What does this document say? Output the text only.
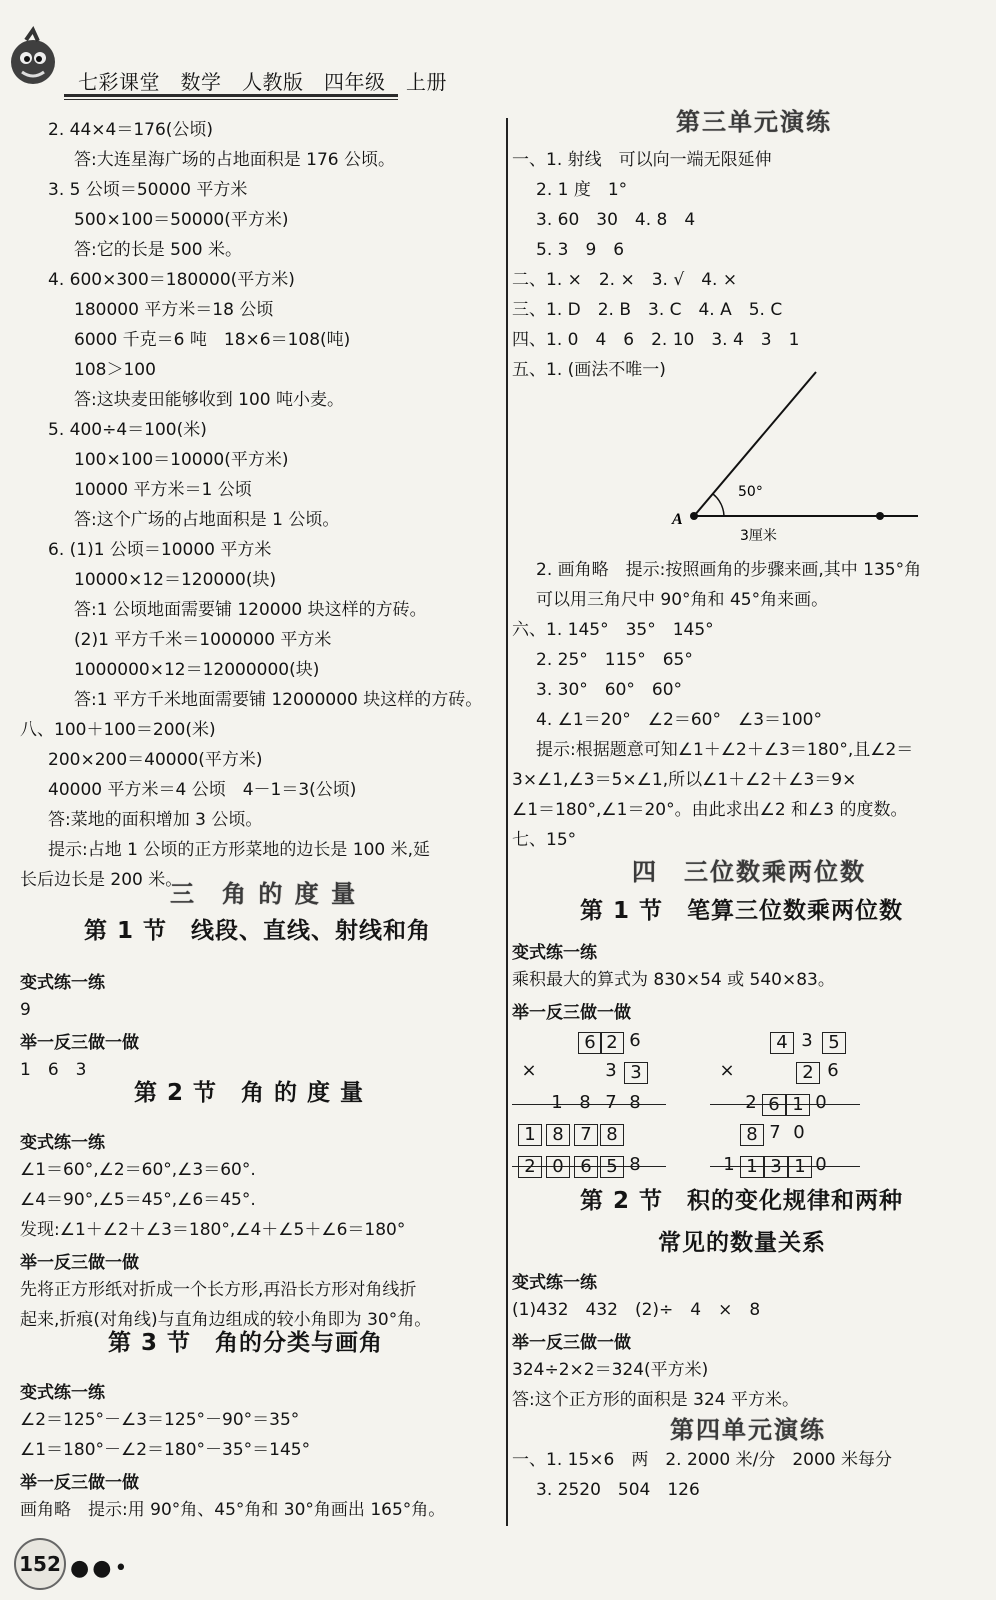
七彩课堂　数学　人教版　四年级　上册
2. 44×4＝176(公顷)
答:大连星海广场的占地面积是 176 公顷。
3. 5 公顷＝50000 平方米
500×100＝50000(平方米)
答:它的长是 500 米。
4. 600×300＝180000(平方米)
180000 平方米＝18 公顷
6000 千克＝6 吨　18×6＝108(吨)
108＞100
答:这块麦田能够收到 100 吨小麦。
5. 400÷4＝100(米)
100×100＝10000(平方米)
10000 平方米＝1 公顷
答:这个广场的占地面积是 1 公顷。
6. (1)1 公顷＝10000 平方米
10000×12＝120000(块)
答:1 公顷地面需要铺 120000 块这样的方砖。
(2)1 平方千米＝1000000 平方米
1000000×12＝12000000(块)
答:1 平方千米地面需要铺 12000000 块这样的方砖。
八、100＋100＝200(米)
200×200＝40000(平方米)
40000 平方米＝4 公顷　4－1＝3(公顷)
答:菜地的面积增加 3 公顷。
提示:占地 1 公顷的正方形菜地的边长是 100 米,延
长后边长是 200 米。
9
1　6　3
∠1＝60°,∠2＝60°,∠3＝60°.
∠4＝90°,∠5＝45°,∠6＝45°.
发现:∠1＋∠2＋∠3＝180°,∠4＋∠5＋∠6＝180°
先将正方形纸对折成一个长方形,再沿长方形对角线折
起来,折痕(对角线)与直角边组成的较小角即为 30°角。
∠2＝125°－∠3＝125°－90°＝35°
∠1＝180°－∠2＝180°－35°＝145°
画角略　提示:用 90°角、45°角和 30°角画出 165°角。
变式练一练
举一反三做一做
变式练一练
举一反三做一做
变式练一练
举一反三做一做
三　角 的 度 量
第 1 节　线段、直线、射线和角
第 2 节　角 的 度 量
第 3 节　角的分类与画角
一、1. 射线　可以向一端无限延伸
2. 1 度　1°
3. 60　30　4. 8　4
5. 3　9　6
二、1. ×　2. ×　3. √　4. ×
三、1. D　2. B　3. C　4. A　5. C
四、1. 0　4　6　2. 10　3. 4　3　1
五、1. (画法不唯一)
2. 画角略　提示:按照画角的步骤来画,其中 135°角
可以用三角尺中 90°角和 45°角来画。
六、1. 145°　35°　145°
2. 25°　115°　65°
3. 30°　60°　60°
4. ∠1＝20°　∠2＝60°　∠3＝100°
提示:根据题意可知∠1＋∠2＋∠3＝180°,且∠2＝
3×∠1,∠3＝5×∠1,所以∠1＋∠2＋∠3＝9×
∠1＝180°,∠1＝20°。由此求出∠2 和∠3 的度数。
七、15°
乘积最大的算式为 830×54 或 540×83。
(1)432　432　(2)÷　4　×　8
324÷2×2＝324(平方米)
答:这个正方形的面积是 324 平方米。
一、1. 15×6　两　2. 2000 米/分　2000 米每分
3. 2520　504　126
变式练一练
举一反三做一做
变式练一练
举一反三做一做
第三单元演练
四　三位数乘两位数
第 1 节　笔算三位数乘两位数
第 2 节　积的变化规律和两种
常见的数量关系
第四单元演练
A
50°
3厘米
6 2 6
×	3 3
1 8 7 8
1 8 7 8
2 0 6 5 8
4 3 5
×	2 6
2 6 1 0
8 7 0
1 1 3 1 0
152 ●●•
